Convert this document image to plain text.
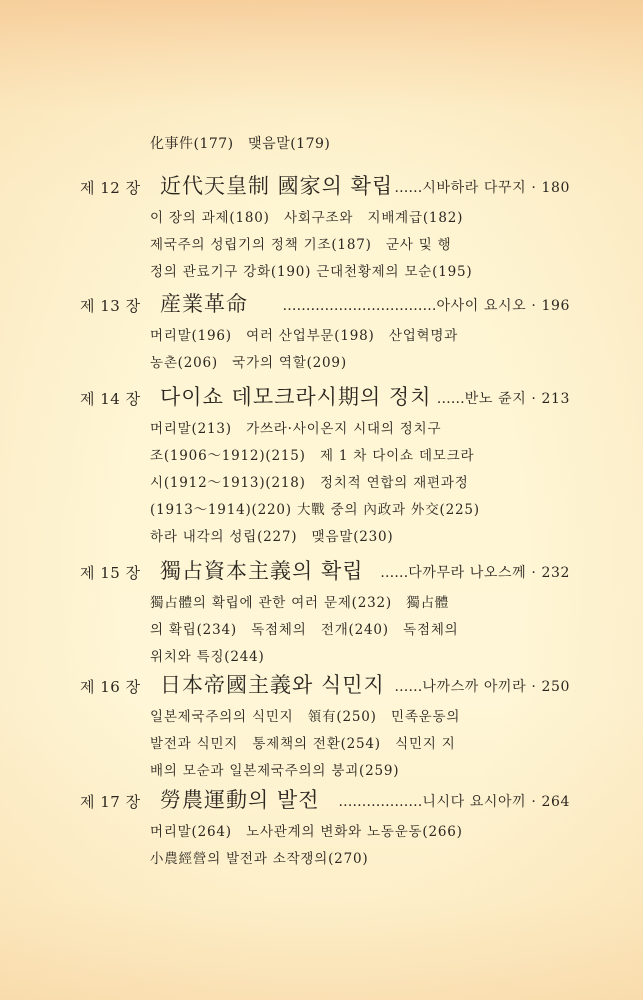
化事件(177)　맺음말(179)
제 12 장 近代天皇制 國家의 확립 ……시바하라 다꾸지 · 180
이 장의 과제(180)　사회구조와　지배계급(182)
제국주의 성립기의 정책 기조(187)　군사 및 행
정의 관료기구 강화(190) 근대천황제의 모순(195)
제 13 장 産業革命 ……………………………아사이 요시오 · 196
머리말(196)　여러 산업부문(198)　산업혁명과
농촌(206)　국가의 역할(209)
제 14 장 다이쇼 데모크라시期의 정치 ……반노 쥰지 · 213
머리말(213)　가쓰라·사이온지 시대의 정치구
조(1906～1912)(215)　제 1 차 다이쇼 데모크라
시(1912～1913)(218)　정치적 연합의 재편과정
(1913～1914)(220) 大戰 중의 內政과 外交(225)
하라 내각의 성립(227)　맺음말(230)
제 15 장 獨占資本主義의 확립 ……다까무라 나오스께 · 232
獨占體의 확립에 관한 여러 문제(232)　獨占體
의 확립(234)　독점체의　전개(240)　독점체의
위치와 특징(244)
제 16 장 日本帝國主義와 식민지 ……나까스까 아끼라 · 250
일본제국주의의 식민지　領有(250)　민족운동의
발전과 식민지　통제책의 전환(254)　식민지 지
배의 모순과 일본제국주의의 붕괴(259)
제 17 장 勞農運動의 발전 ………………니시다 요시아끼 · 264
머리말(264)　노사관계의 변화와 노동운동(266)
小農經營의 발전과 소작쟁의(270)
